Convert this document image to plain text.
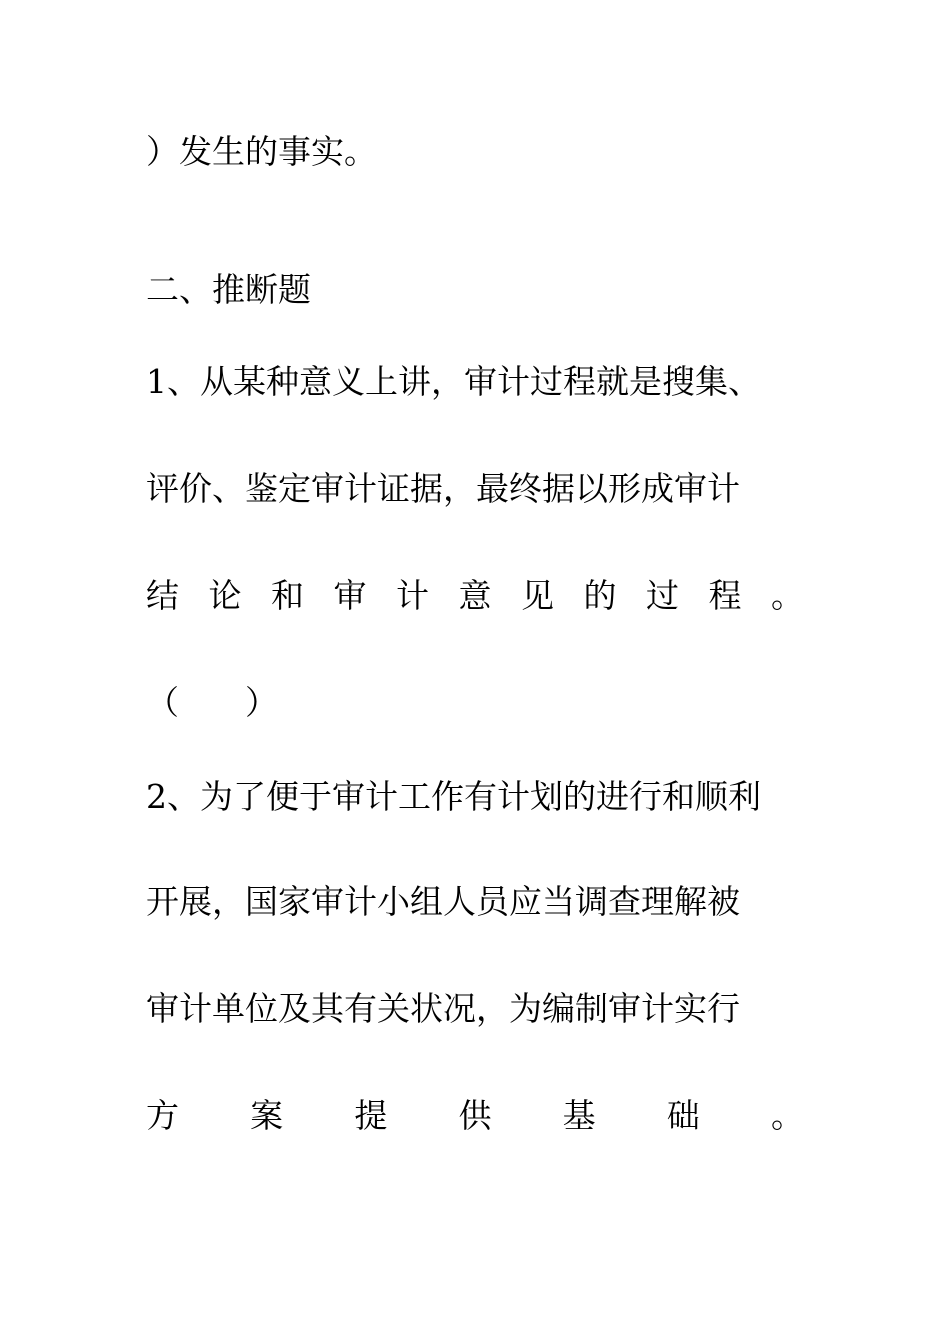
）发生的事实。
二、推断题
1、从某种意义上讲，审计过程就是搜集、
评价、鉴定审计证据，最终据以形成审计
结 论 和 审 计 意 见 的 过 程 。
（　　）
2、为了便于审计工作有计划的进行和顺利
开展，国家审计小组人员应当调查理解被
审计单位及其有关状况，为编制审计实行
方 案 提 供 基 础 。
